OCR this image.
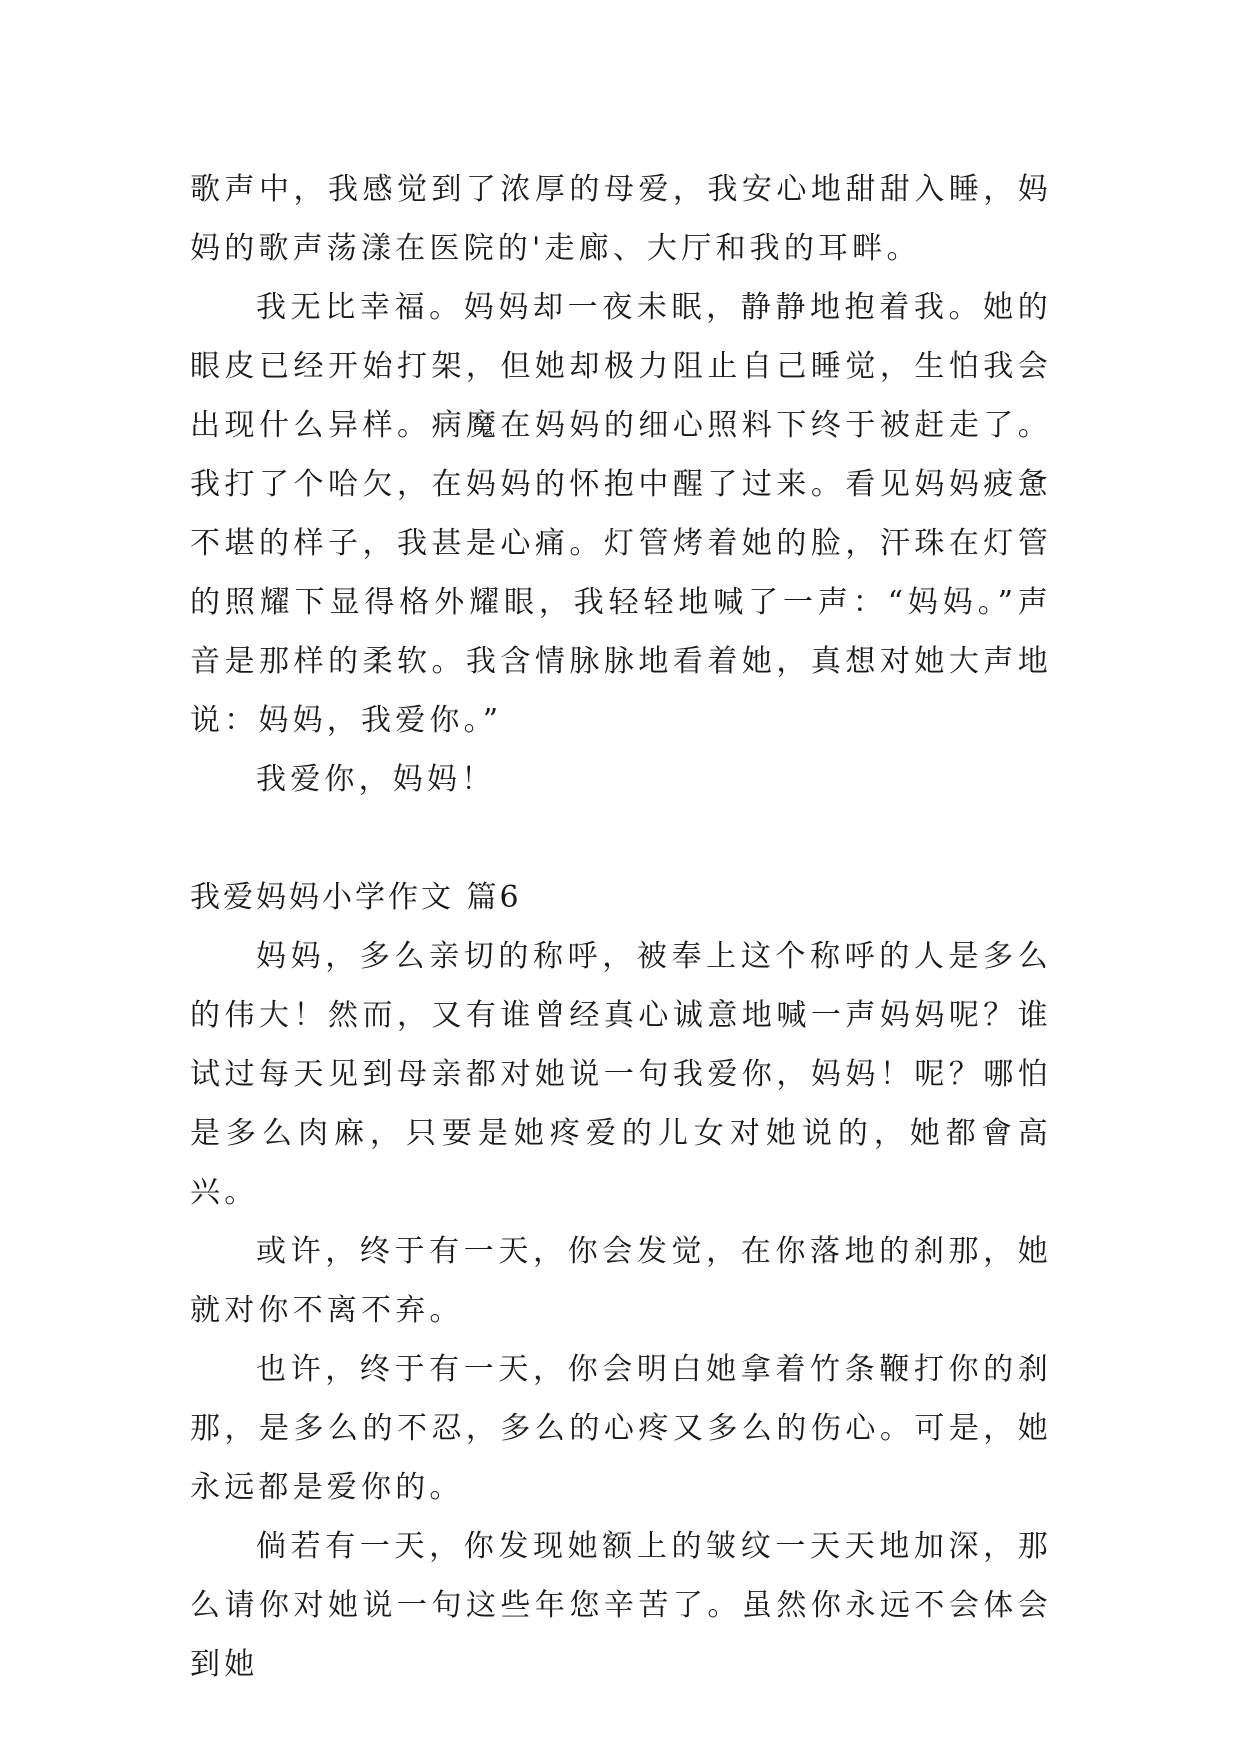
歌声中，我感觉到了浓厚的母爱，我安心地甜甜入睡，妈妈的歌声荡漾在医院的'走廊、大厅和我的耳畔。

我无比幸福。妈妈却一夜未眠，静静地抱着我。她的眼皮已经开始打架，但她却极力阻止自己睡觉，生怕我会出现什么异样。病魔在妈妈的细心照料下终于被赶走了。我打了个哈欠，在妈妈的怀抱中醒了过来。看见妈妈疲惫不堪的样子，我甚是心痛。灯管烤着她的脸，汗珠在灯管的照耀下显得格外耀眼，我轻轻地喊了一声：“妈妈。”声音是那样的柔软。我含情脉脉地看着她，真想对她大声地说：妈妈，我爱你。”

我爱你，妈妈！

我爱妈妈小学作文 篇6

妈妈，多么亲切的称呼，被奉上这个称呼的人是多么的伟大！然而，又有谁曾经真心诚意地喊一声妈妈呢？谁试过每天见到母亲都对她说一句我爱你，妈妈！呢？哪怕是多么肉麻，只要是她疼爱的儿女对她说的，她都會高兴。

或许，终于有一天，你会发觉，在你落地的刹那，她就对你不离不弃。

也许，终于有一天，你会明白她拿着竹条鞭打你的刹那，是多么的不忍，多么的心疼又多么的伤心。可是，她永远都是爱你的。

倘若有一天，你发现她额上的皱纹一天天地加深，那么请你对她说一句这些年您辛苦了。虽然你永远不会体会到她
